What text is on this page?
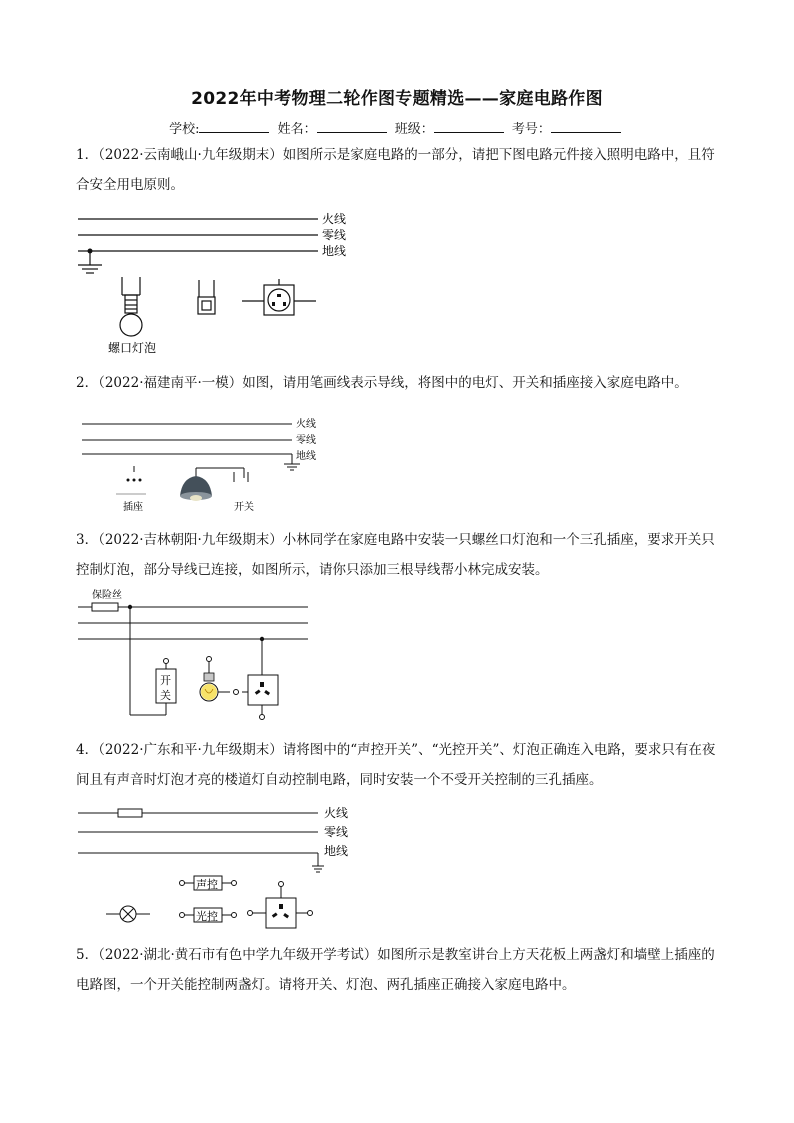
2022年中考物理二轮作图专题精选——家庭电路作图
学校:	姓名：	班级：	考号：
1．（2022·云南峨山·九年级期末）如图所示是家庭电路的一部分，请把下图电路元件接入照明电路中，且符合安全用电原则。
火线
零线
地线
螺口灯泡
2．（2022·福建南平·一模）如图，请用笔画线表示导线，将图中的电灯、开关和插座接入家庭电路中。
火线
零线
地线
插座	开关
3．（2022·吉林朝阳·九年级期末）小林同学在家庭电路中安装一只螺丝口灯泡和一个三孔插座，要求开关只控制灯泡，部分导线已连接，如图所示，请你只添加三根导线帮小林完成安装。
保险丝
开
关
4．（2022·广东和平·九年级期末）请将图中的“声控开关”、“光控开关”、灯泡正确连入电路，要求只有在夜间且有声音时灯泡才亮的楼道灯自动控制电路，同时安装一个不受开关控制的三孔插座。
火线
零线
地线
声控
光控
5．（2022·湖北·黄石市有色中学九年级开学考试）如图所示是教室讲台上方天花板上两盏灯和墙壁上插座的电路图，一个开关能控制两盏灯。请将开关、灯泡、两孔插座正确接入家庭电路中。
